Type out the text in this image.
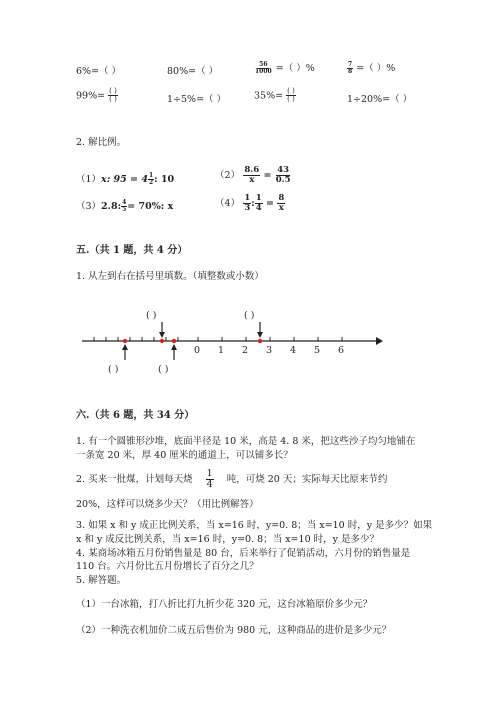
6%=（ ）	80%=（ ）	$\frac{56}{1000}$ =（ ）%	$\frac{7}{8}$ =（ ）%
$99\%= \frac{( )}{( )}$	1÷5%=（ ）	$35\%= \frac{( )}{( )}$	1÷20%=（ ）
2. 解比例。
（1）x: $95 = 4 \frac{1}{2}$ : 10	$(2) \frac{8.6}{x} = \frac{43}{0.5}$
（3）2.8: $\frac{4}{5} = 70\%$: x	$(4) \frac{1}{3}$ : $\frac{1}{4} = \frac{8}{x}$
五.（共 1 题，共 4 分）
1. 从左到右在括号里填数。（填整数或小数）
( )	( )
( )	( )
0 1 2 3 4 5 6
六.（共 6 题，共 34 分）
1. 有一个圆锥形沙堆，底面半径是 10 米，高是 4. 8 米，把这些沙子均匀地铺在
一条宽 20 米，厚 40 厘米的通道上，可以铺多长？
2. 买来一批煤，计划每天烧 $\frac{1}{4}$ 吨，可烧 20 天；实际每天比原来节约
20%，这样可以烧多少天？（用比例解答）
3. 如果 x 和 y 成正比例关系，当 x=16 时，y=0. 8；当 x=10 时，y 是多少？如果
x 和 y 成反比例关系，当 x=16 时，y=0. 8；当 x=10 时，y 是多少？
4. 某商场冰箱五月份销售量是 80 台，后来举行了促销活动，六月份的销售量是
110 台。六月份比五月份增长了百分之几？
5. 解答题。
（1）一台冰箱，打八折比打九折少花 320 元，这台冰箱原价多少元？
（2）一种洗衣机加价二成五后售价为 980 元，这种商品的进价是多少元？
